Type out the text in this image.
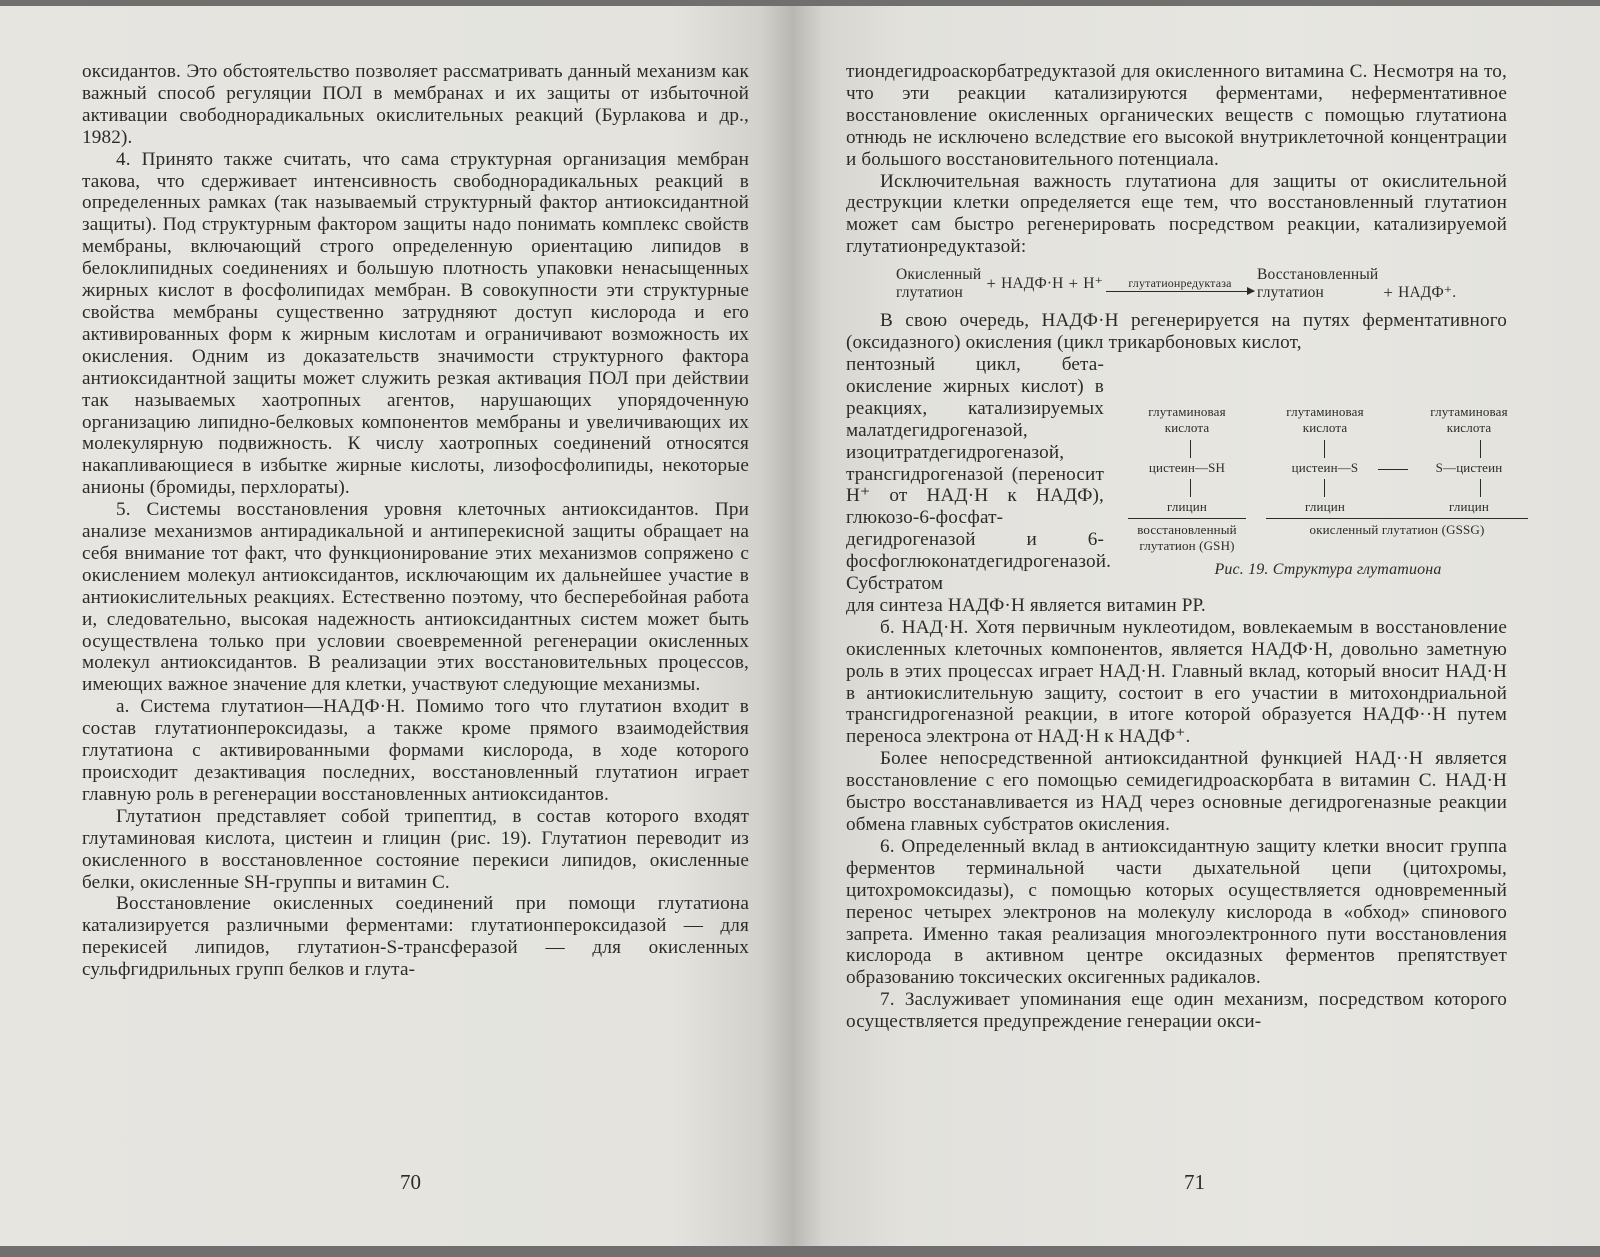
оксидантов. Это обстоятельство позволяет рассматривать данный механизм как важный способ регуляции ПОЛ в мембранах и их защиты от избыточной активации свободнорадикальных окислительных реакций (Бурлакова и др., 1982).

4. Принято также считать, что сама структурная организация мембран такова, что сдерживает интенсивность свободнорадикальных реакций в определенных рамках (так называемый структурный фактор антиоксидантной защиты). Под структурным фактором защиты надо понимать комплекс свойств мембраны, включающий строго определенную ориентацию липидов в белоклипидных соединениях и большую плотность упаковки ненасыщенных жирных кислот в фосфолипидах мембран. В совокупности эти структурные свойства мембраны существенно затрудняют доступ кислорода и его активированных форм к жирным кислотам и ограничивают возможность их окисления. Одним из доказательств значимости структурного фактора антиоксидантной защиты может служить резкая активация ПОЛ при действии так называемых хаотропных агентов, нарушающих упорядоченную организацию липидно-белковых компонентов мембраны и увеличивающих их молекулярную подвижность. К числу хаотропных соединений относятся накапливающиеся в избытке жирные кислоты, лизофосфолипиды, некоторые анионы (бромиды, перхлораты).

5. Системы восстановления уровня клеточных антиоксидантов. При анализе механизмов антирадикальной и антиперекисной защиты обращает на себя внимание тот факт, что функционирование этих механизмов сопряжено с окислением молекул антиоксидантов, исключающим их дальнейшее участие в антиокислительных реакциях. Естественно поэтому, что бесперебойная работа и, следовательно, высокая надежность антиоксидантных систем может быть осуществлена только при условии своевременной регенерации окисленных молекул антиоксидантов. В реализации этих восстановительных процессов, имеющих важное значение для клетки, участвуют следующие механизмы.

а. Система глутатион—НАДФ·Н. Помимо того что глутатион входит в состав глутатионпероксидазы, а также кроме прямого взаимодействия глутатиона с активированными формами кислорода, в ходе которого происходит дезактивация последних, восстановленный глутатион играет главную роль в регенерации восстановленных антиоксидантов.

Глутатион представляет собой трипептид, в состав которого входят глутаминовая кислота, цистеин и глицин (рис. 19). Глутатион переводит из окисленного в восстановленное состояние перекиси липидов, окисленные белки, окисленные SH-группы и витамин С.

Восстановление окисленных соединений при помощи глутатиона катализируется различными ферментами: глутатионпероксидазой — для перекисей липидов, глутатион-S-трансферазой — для окисленных сульфгидрильных групп белков и глута-

70

тиондегидроаскорбатредуктазой для окисленного витамина С. Несмотря на то, что эти реакции катализируются ферментами, неферментативное восстановление окисленных органических веществ с помощью глутатиона отнюдь не исключено вследствие его высокой внутриклеточной концентрации и большого восстановительного потенциала.

Исключительная важность глутатиона для защиты от окислительной деструкции клетки определяется еще тем, что восстановленный глутатион может сам быстро регенерировать посредством реакции, катализируемой глутатионредуктазой:

Окисленный
глутатион	+ НАДФ·Н + Н⁺ глутатионредуктаза Восстановленный
глутатион	+ НАДФ⁺.

В свою очередь, НАДФ·Н регенерируется на путях ферментативного (оксидазного) окисления (цикл трикарбоновых кислот,

пентозный цикл, бета-окисление жирных кислот) в реакциях, катализируемых малатдегидрогеназой, изоцитратдегидрогеназой, трансгидрогеназой (переносит Н⁺ от НАД·Н к НАДФ), глюкозо-6-фосфат-дегидрогеназой и 6-фосфоглюконатдегидрогеназой. Субстратом
глутаминовая кислота
цистеин—SH
глицин
восстановленный глутатион (GSH)
глутаминовая кислота
цистеин—S
глицин
глутаминовая кислота
S—цистеин
глицин
окисленный глутатион (GSSG)
Рис. 19. Структура глутатиона

для синтеза НАДФ·Н является витамин РР.

б. НАД·Н. Хотя первичным нуклеотидом, вовлекаемым в восстановление окисленных клеточных компонентов, является НАДФ·Н, довольно заметную роль в этих процессах играет НАД·Н. Главный вклад, который вносит НАД·Н в антиокислительную защиту, состоит в его участии в митохондриальной трансгидрогеназной реакции, в итоге которой образуется НАДФ··Н путем переноса электрона от НАД·Н к НАДФ⁺.

Более непосредственной антиоксидантной функцией НАД··Н является восстановление с его помощью семидегидроаскорбата в витамин С. НАД·Н быстро восстанавливается из НАД через основные дегидрогеназные реакции обмена главных субстратов окисления.

6. Определенный вклад в антиоксидантную защиту клетки вносит группа ферментов терминальной части дыхательной цепи (цитохромы, цитохромоксидазы), с помощью которых осуществляется одновременный перенос четырех электронов на молекулу кислорода в «обход» спинового запрета. Именно такая реализация многоэлектронного пути восстановления кислорода в активном центре оксидазных ферментов препятствует образованию токсических оксигенных радикалов.

7. Заслуживает упоминания еще один механизм, посредством которого осуществляется предупреждение генерации окси-

71
